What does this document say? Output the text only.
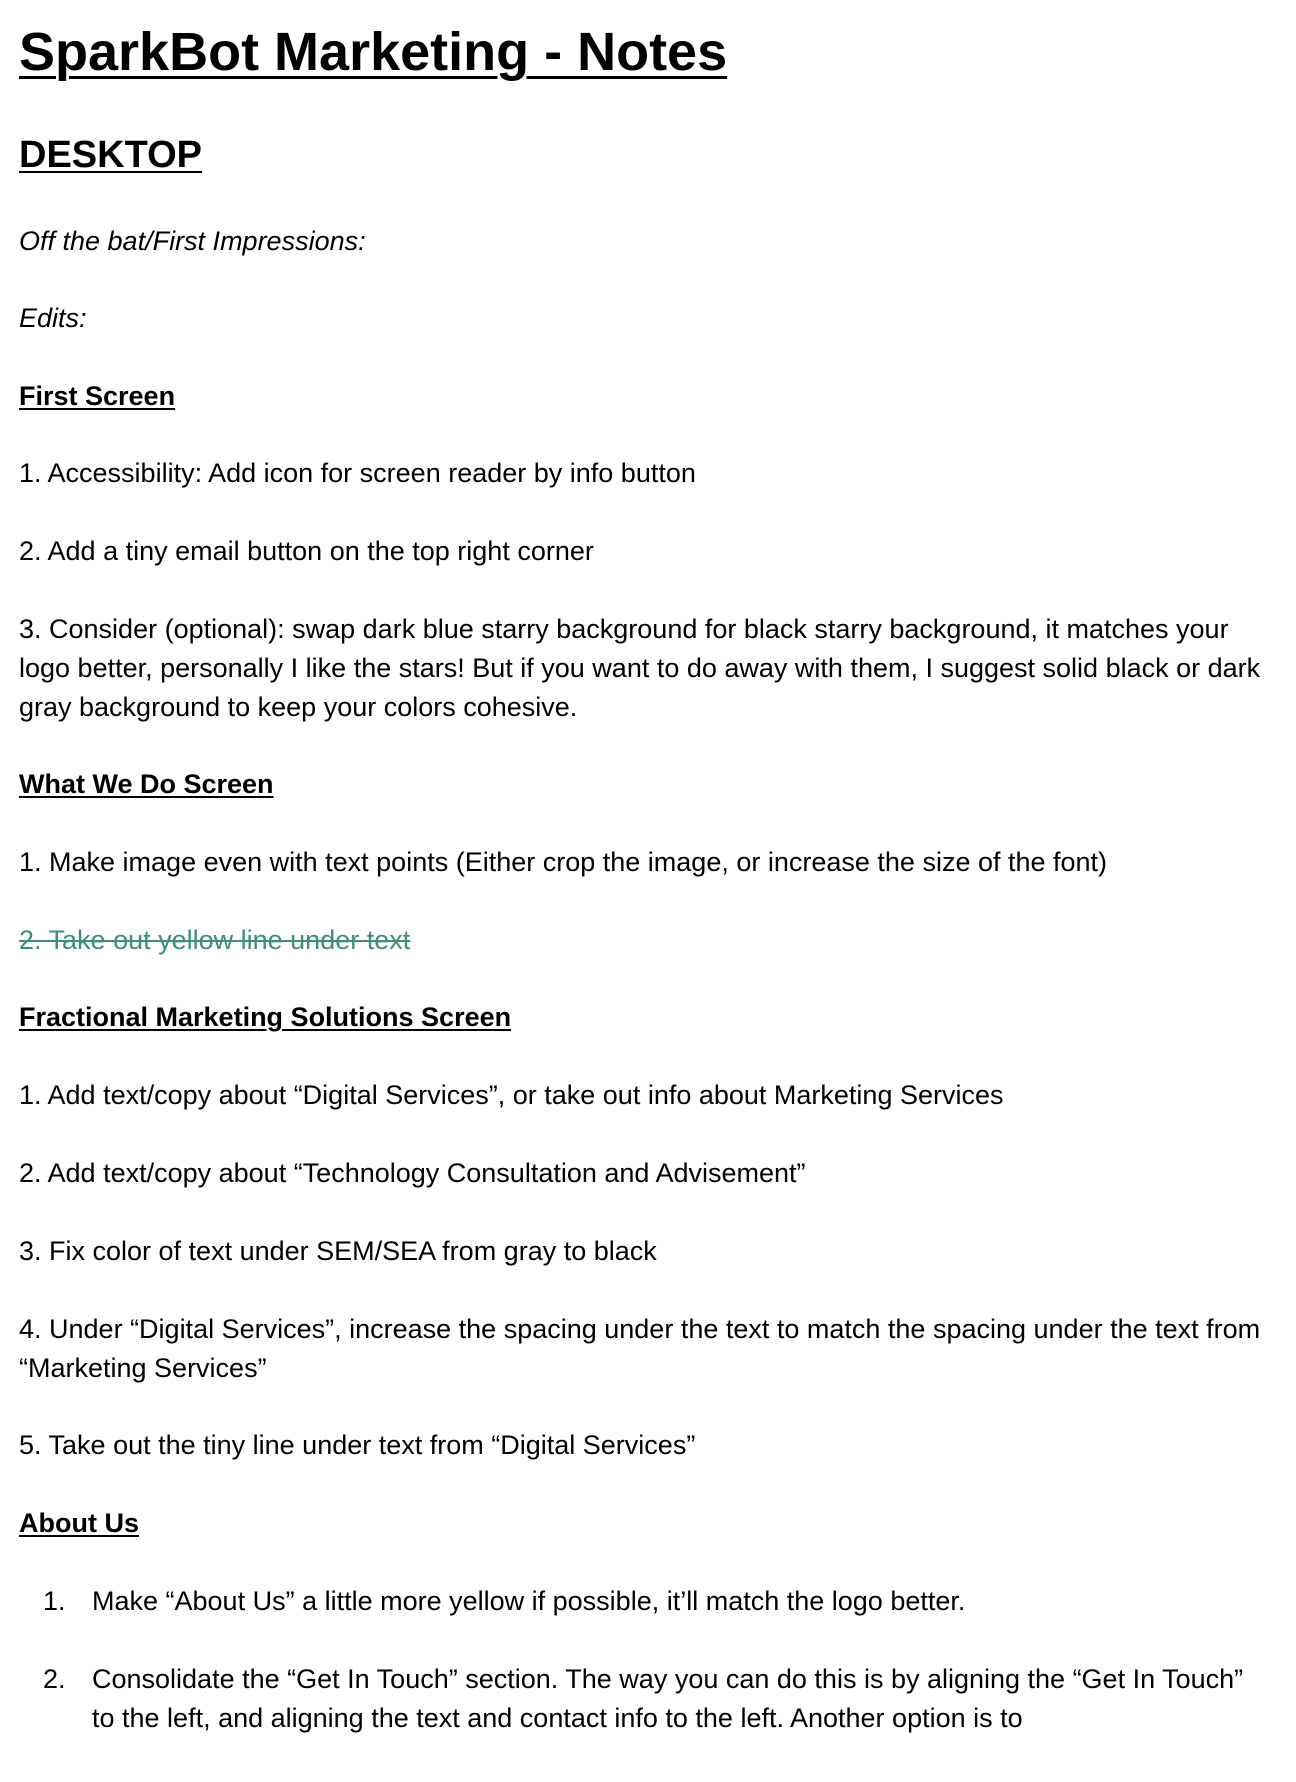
SparkBot Marketing - Notes
DESKTOP

Off the bat/First Impressions:

Edits:

First Screen

1. Accessibility: Add icon for screen reader by info button

2. Add a tiny email button on the top right corner

3. Consider (optional): swap dark blue starry background for black starry background, it matches your logo better, personally I like the stars! But if you want to do away with them, I suggest solid black or dark gray background to keep your colors cohesive.

What We Do Screen

1. Make image even with text points (Either crop the image, or increase the size of the font)

2. Take out yellow line under text

Fractional Marketing Solutions Screen

1. Add text/copy about “Digital Services”, or take out info about Marketing Services

2. Add text/copy about “Technology Consultation and Advisement”

3. Fix color of text under SEM/SEA from gray to black

4. Under “Digital Services”, increase the spacing under the text to match the spacing under the text from “Marketing Services”

5. Take out the tiny line under text from “Digital Services”

About Us

1. Make “About Us” a little more yellow if possible, it’ll match the logo better.
2. Consolidate the “Get In Touch” section. The way you can do this is by aligning the “Get In Touch” to the left, and aligning the text and contact info to the left. Another option is to
